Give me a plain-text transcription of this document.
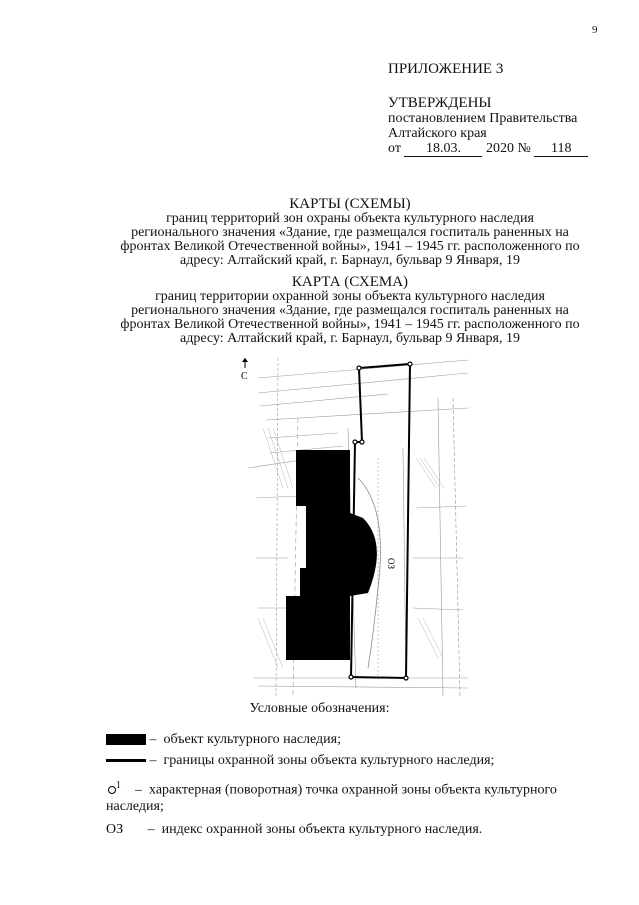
9
ПРИЛОЖЕНИЕ 3
УТВЕРЖДЕНЫ
постановлением Правительства
Алтайского края
от 18.03. 2020 № 118
КАРТЫ (СХЕМЫ)
границ территорий зон охраны объекта культурного наследия
регионального значения «Здание, где размещался госпиталь раненных на
фронтах Великой Отечественной войны», 1941 – 1945 гг. расположенного по
адресу: Алтайский край, г. Барнаул, бульвар 9 Января, 19
КАРТА (СХЕМА)
границ территории охранной зоны объекта культурного наследия
регионального значения «Здание, где размещался госпиталь раненных на
фронтах Великой Отечественной войны», 1941 – 1945 гг. расположенного по
адресу: Алтайский край, г. Барнаул, бульвар 9 Января, 19
С
ОЗ
Условные обозначения:
– объект культурного наследия;
– границы охранной зоны объекта культурного наследия;
$^1$ – характерная (поворотная) точка охранной зоны объекта культурного
наследия;
ОЗ – индекс охранной зоны объекта культурного наследия.
